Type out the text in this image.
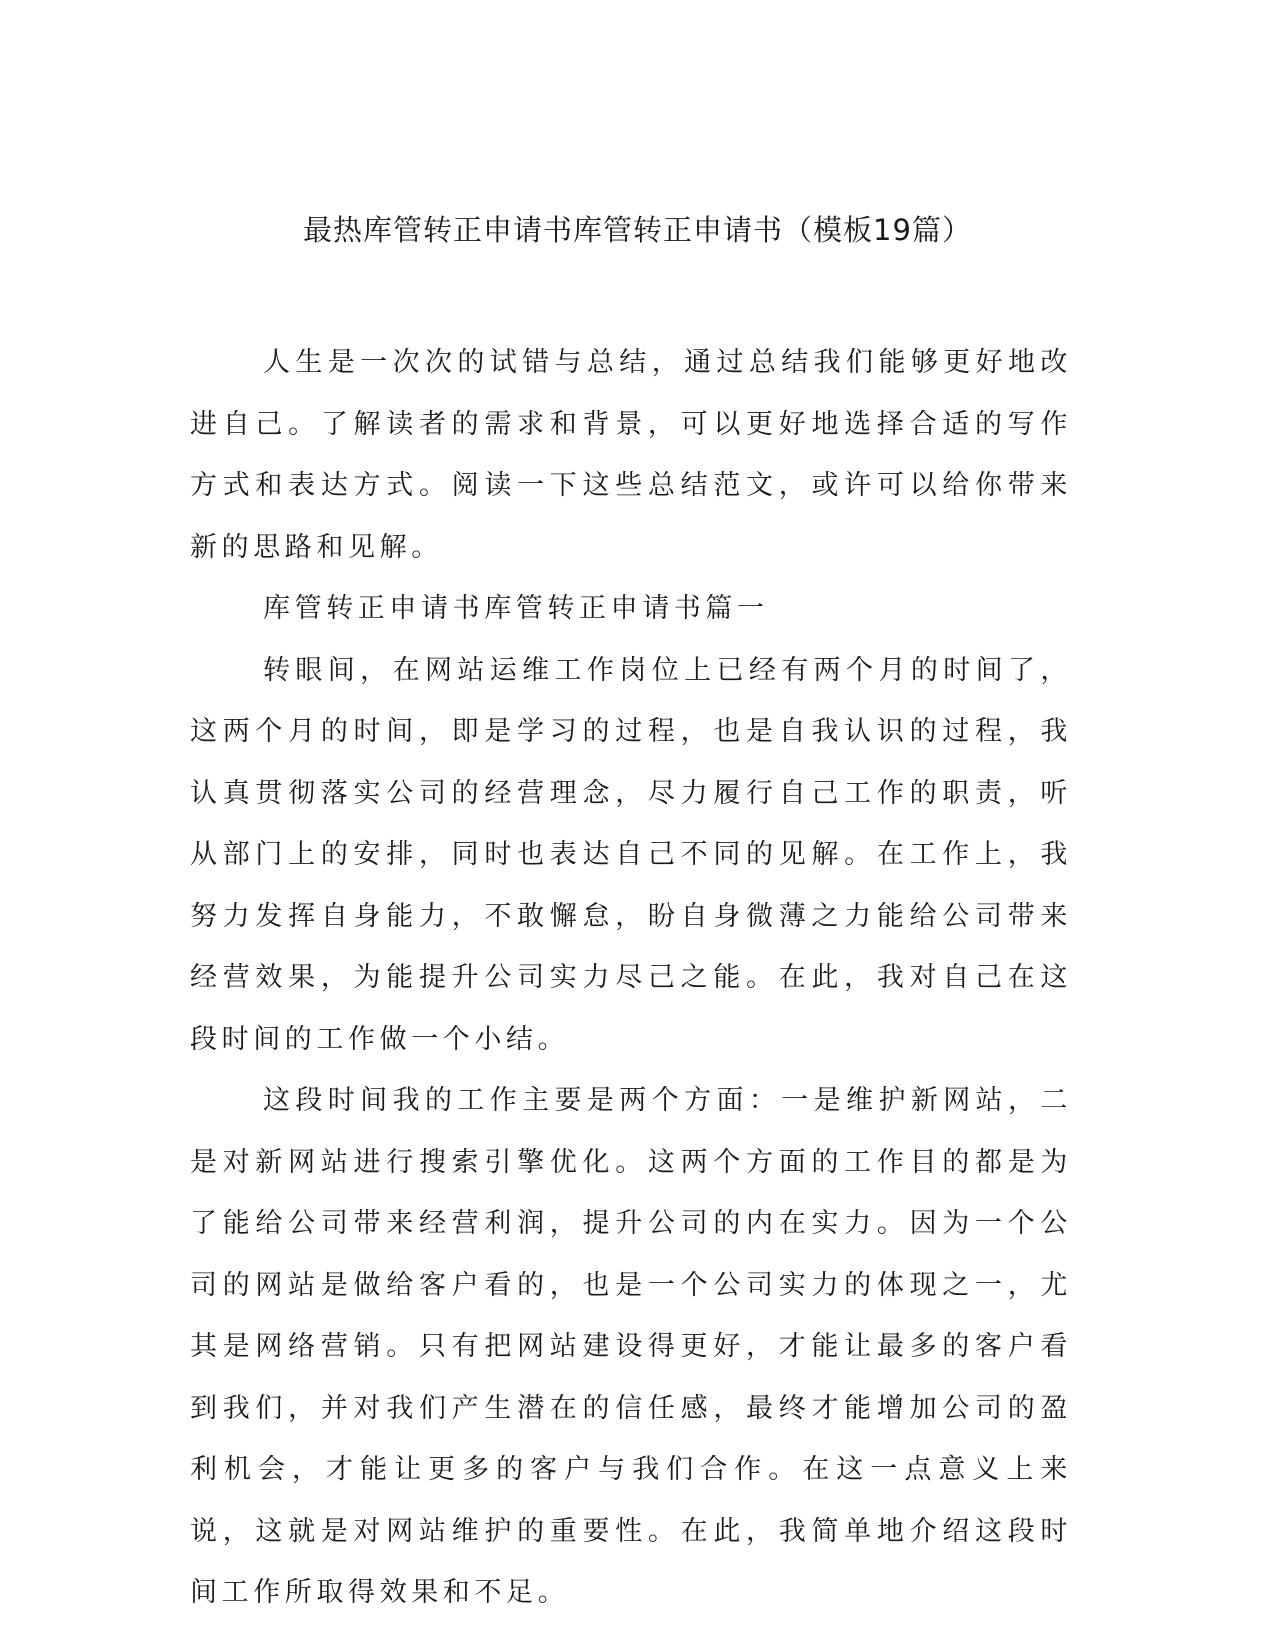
最热库管转正申请书库管转正申请书（模板19篇）

人生是一次次的试错与总结，通过总结我们能够更好地改进自己。了解读者的需求和背景，可以更好地选择合适的写作方式和表达方式。阅读一下这些总结范文，或许可以给你带来新的思路和见解。

库管转正申请书库管转正申请书篇一

转眼间，在网站运维工作岗位上已经有两个月的时间了，这两个月的时间，即是学习的过程，也是自我认识的过程，我认真贯彻落实公司的经营理念，尽力履行自己工作的职责，听从部门上的安排，同时也表达自己不同的见解。在工作上，我努力发挥自身能力，不敢懈怠，盼自身微薄之力能给公司带来经营效果，为能提升公司实力尽己之能。在此，我对自己在这段时间的工作做一个小结。

这段时间我的工作主要是两个方面：一是维护新网站，二是对新网站进行搜索引擎优化。这两个方面的工作目的都是为了能给公司带来经营利润，提升公司的内在实力。因为一个公司的网站是做给客户看的，也是一个公司实力的体现之一，尤其是网络营销。只有把网站建设得更好，才能让最多的客户看到我们，并对我们产生潜在的信任感，最终才能增加公司的盈利机会，才能让更多的客户与我们合作。在这一点意义上来说，这就是对网站维护的重要性。在此，我简单地介绍这段时间工作所取得效果和不足。
